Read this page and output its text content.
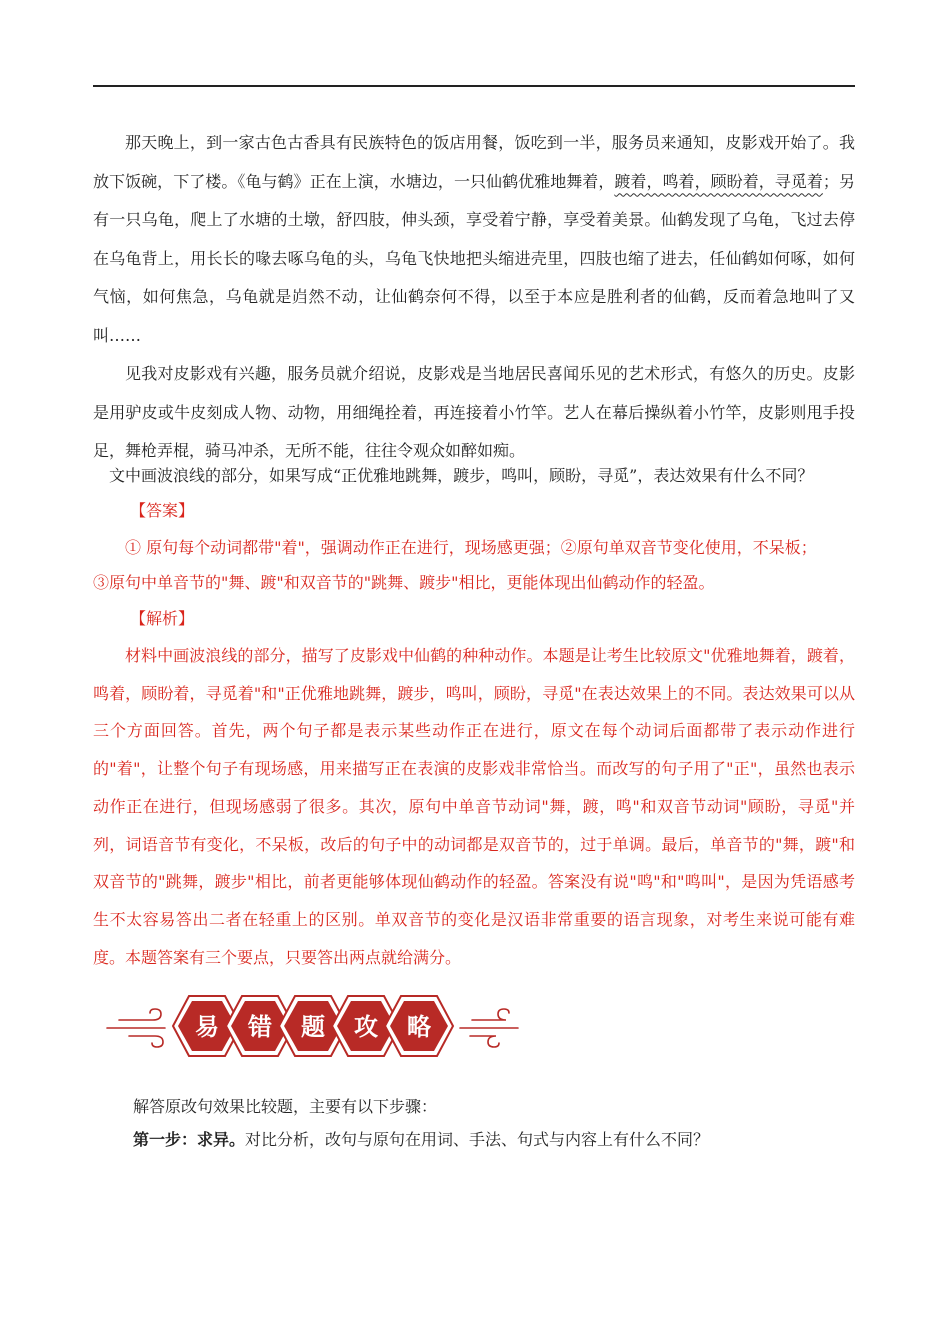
那天晚上，到一家古色古香具有民族特色的饭店用餐，饭吃到一半，服务员来通知，皮影戏开始了。我放下饭碗，下了楼。《龟与鹤》正在上演，水塘边，一只仙鹤优雅地舞着，踱着，鸣着，顾盼着，寻觅着；另有一只乌龟，爬上了水塘的土墩，舒四肢，伸头颈，享受着宁静，享受着美景。仙鹤发现了乌龟，飞过去停在乌龟背上，用长长的喙去啄乌龟的头，乌龟飞快地把头缩进壳里，四肢也缩了进去，任仙鹤如何啄，如何气恼，如何焦急，乌龟就是岿然不动，让仙鹤奈何不得，以至于本应是胜利者的仙鹤，反而着急地叫了又叫……

见我对皮影戏有兴趣，服务员就介绍说，皮影戏是当地居民喜闻乐见的艺术形式，有悠久的历史。皮影是用驴皮或牛皮刻成人物、动物，用细绳拴着，再连接着小竹竿。艺人在幕后操纵着小竹竿，皮影则甩手投足，舞枪弄棍，骑马冲杀，无所不能，往往令观众如醉如痴。

文中画波浪线的部分，如果写成“正优雅地跳舞，踱步，鸣叫，顾盼，寻觅”，表达效果有什么不同？
【答案】

① 原句每个动词都带"着"，强调动作正在进行，现场感更强；②原句单双音节变化使用，不呆板；

③原句中单音节的"舞、踱"和双音节的"跳舞、踱步"相比，更能体现出仙鹤动作的轻盈。

【解析】

材料中画波浪线的部分，描写了皮影戏中仙鹤的种种动作。本题是让考生比较原文"优雅地舞着，踱着，鸣着，顾盼着，寻觅着"和"正优雅地跳舞，踱步，鸣叫，顾盼，寻觅"在表达效果上的不同。表达效果可以从三个方面回答。首先，两个句子都是表示某些动作正在进行，原文在每个动词后面都带了表示动作进行的"着"，让整个句子有现场感，用来描写正在表演的皮影戏非常恰当。而改写的句子用了"正"，虽然也表示动作正在进行，但现场感弱了很多。其次，原句中单音节动词"舞，踱，鸣"和双音节动词"顾盼，寻觅"并列，词语音节有变化，不呆板，改后的句子中的动词都是双音节的，过于单调。最后，单音节的"舞，踱"和双音节的"跳舞，踱步"相比，前者更能够体现仙鹤动作的轻盈。答案没有说"鸣"和"鸣叫"，是因为凭语感考生不太容易答出二者在轻重上的区别。单双音节的变化是汉语非常重要的语言现象，对考生来说可能有难度。本题答案有三个要点，只要答出两点就给满分。

易 错 题 攻 略

解答原改句效果比较题，主要有以下步骤：

第一步：求异。对比分析，改句与原句在用词、手法、句式与内容上有什么不同？
